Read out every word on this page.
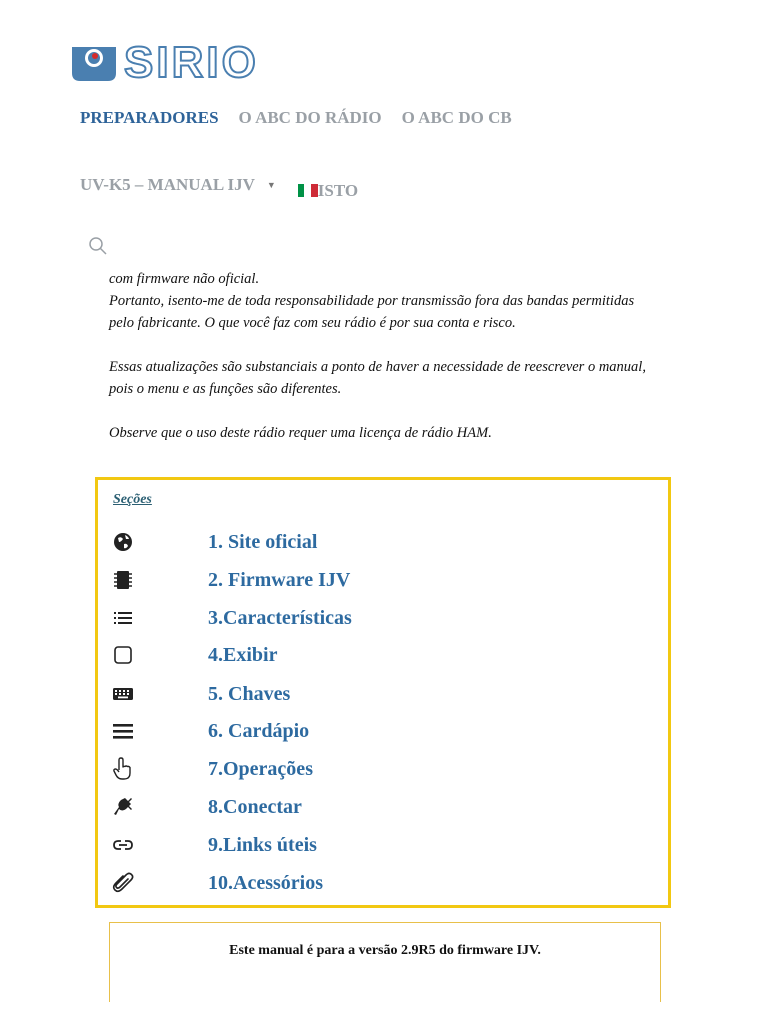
SIRIO
PREPARADORES O ABC DO RÁDIO O ABC DO CB
UV-K5 – MANUAL IJV ▼ ISTO

com firmware não oficial.
Portanto, isento-me de toda responsabilidade por transmissão fora das bandas permitidas pelo fabricante. O que você faz com seu rádio é por sua conta e risco.

Essas atualizações são substanciais a ponto de haver a necessidade de reescrever o manual, pois o menu e as funções são diferentes.

Observe que o uso deste rádio requer uma licença de rádio HAM.

Seções
1. Site oficial
2. Firmware IJV
3.Características
4.Exibir
5. Chaves
6. Cardápio
7.Operações
8.Conectar
9.Links úteis
10.Acessórios
Este manual é para a versão 2.9R5 do firmware IJV.
